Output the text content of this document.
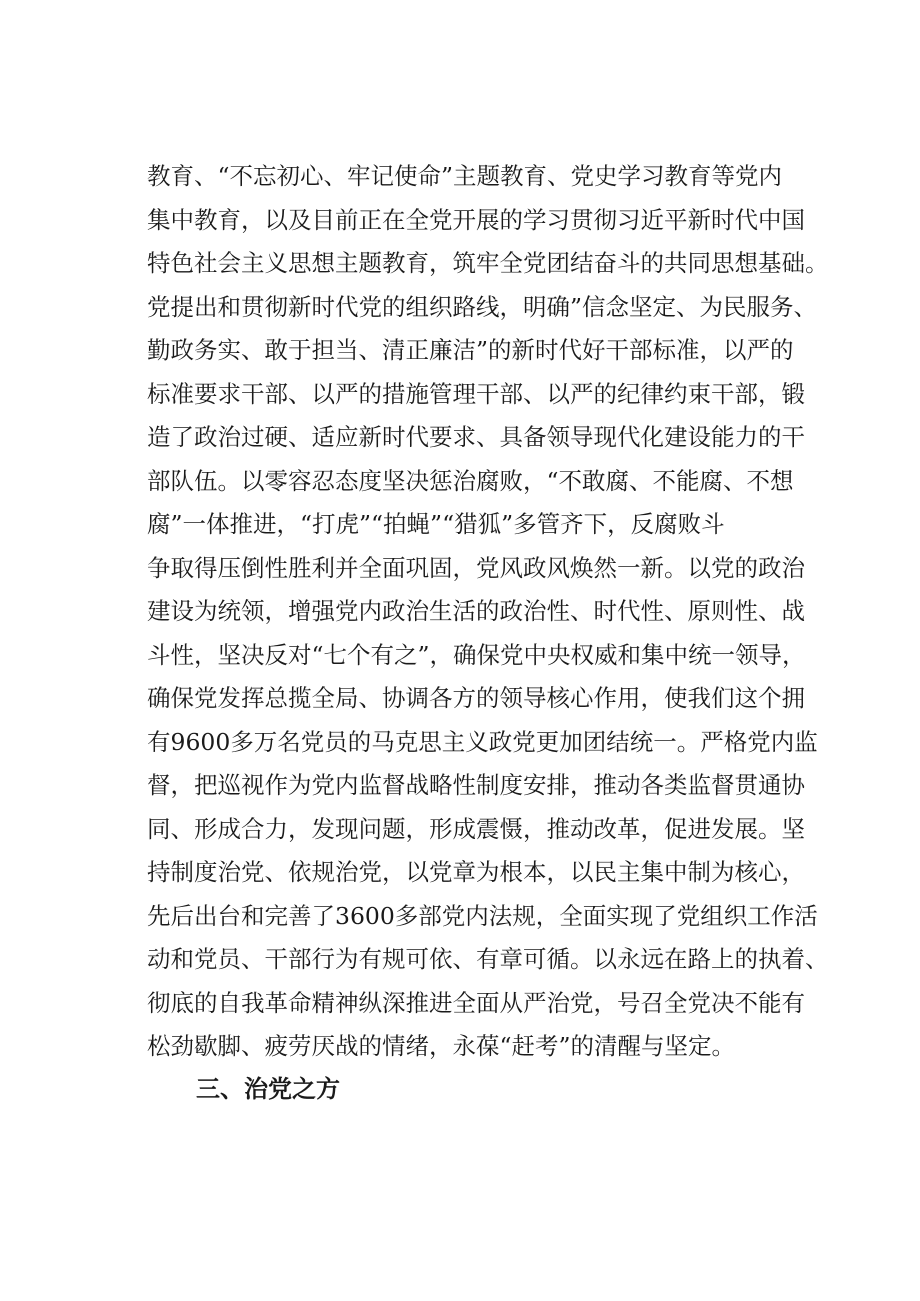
教育、“不忘初心、牢记使命”主题教育、党史学习教育等党内
集中教育，以及目前正在全党开展的学习贯彻习近平新时代中国
特色社会主义思想主题教育，筑牢全党团结奋斗的共同思想基础。
党提出和贯彻新时代党的组织路线，明确”信念坚定、为民服务、
勤政务实、敢于担当、清正廉洁”的新时代好干部标准，以严的
标准要求干部、以严的措施管理干部、以严的纪律约束干部，锻
造了政治过硬、适应新时代要求、具备领导现代化建设能力的干
部队伍。以零容忍态度坚决惩治腐败，“不敢腐、不能腐、不想
腐”一体推进，“打虎”“拍蝇”“猎狐”多管齐下，反腐败斗
争取得压倒性胜利并全面巩固，党风政风焕然一新。以党的政治
建设为统领，增强党内政治生活的政治性、时代性、原则性、战
斗性，坚决反对“七个有之”，确保党中央权威和集中统一领导，
确保党发挥总揽全局、协调各方的领导核心作用，使我们这个拥
有9600多万名党员的马克思主义政党更加团结统一。严格党内监
督，把巡视作为党内监督战略性制度安排，推动各类监督贯通协
同、形成合力，发现问题，形成震慑，推动改革，促进发展。坚
持制度治党、依规治党，以党章为根本，以民主集中制为核心，
先后出台和完善了3600多部党内法规，全面实现了党组织工作活
动和党员、干部行为有规可依、有章可循。以永远在路上的执着、
彻底的自我革命精神纵深推进全面从严治党，号召全党决不能有
松劲歇脚、疲劳厌战的情绪，永葆“赶考”的清醒与坚定。
三、治党之方
